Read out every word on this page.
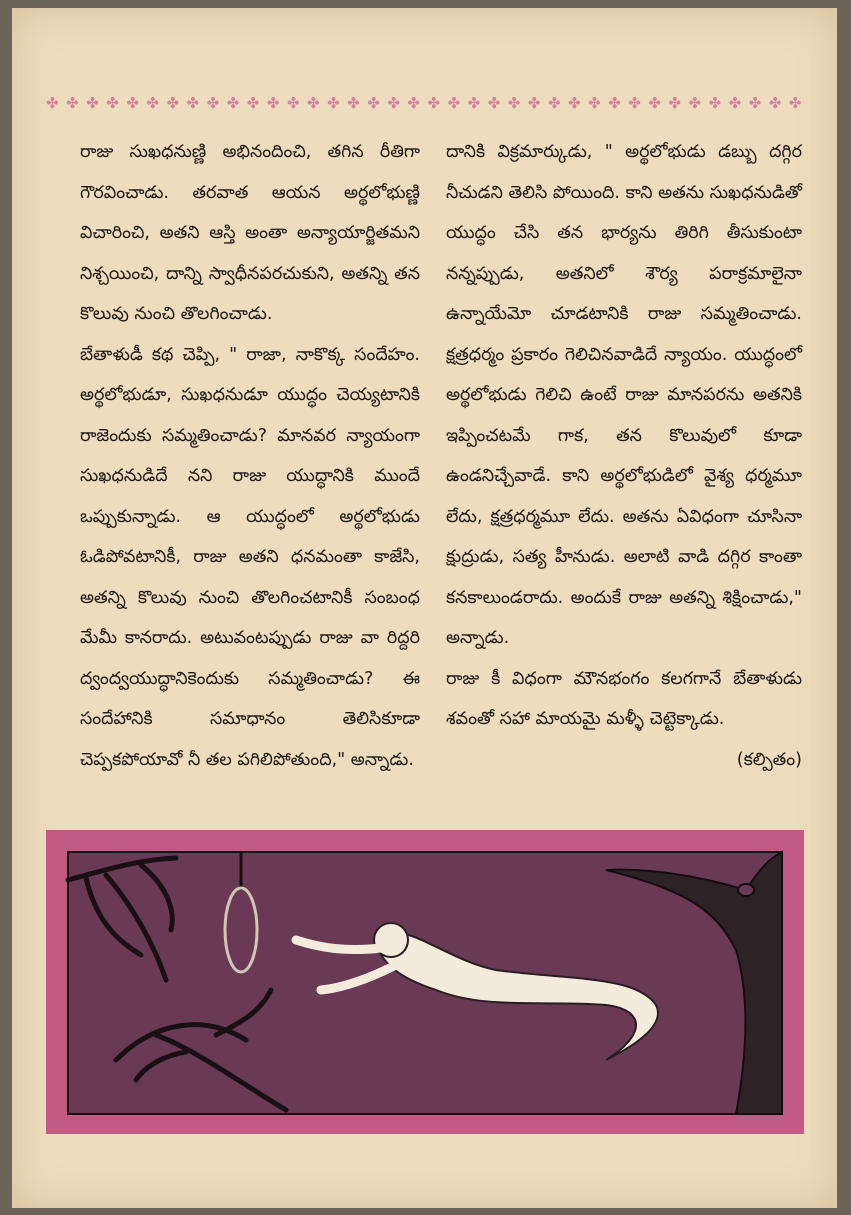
✤ ✤ ✤ ✤ ✤ ✤ ✤ ✤ ✤ ✤ ✤ ✤ ✤ ✤ ✤ ✤ ✤ ✤ ✤ ✤ ✤ ✤ ✤ ✤ ✤ ✤ ✤ ✤ ✤ ✤ ✤ ✤ ✤ ✤ ✤ ✤ ✤ ✤

రాజు సుఖధనుణ్ణి అభినందించి, తగిన రీతిగా గౌరవించాడు. తరవాత ఆయన అర్థలోభుణ్ణి విచారించి, అతని ఆస్తి అంతా అన్యాయార్జితమని నిశ్చయించి, దాన్ని స్వాధీనపరచుకుని, అతన్ని తన కొలువు నుంచి తొలగించాడు.

బేతాళుడీ కథ చెప్పి, " రాజా, నాకొక్క సందేహం. అర్థలోభుడూ, సుఖధనుడూ యుద్ధం చెయ్యటానికి రాజెందుకు సమ్మతించాడు? మానవర న్యాయంగా సుఖధనుడిదే నని రాజు యుద్ధానికి ముందే ఒప్పుకున్నాడు. ఆ యుద్ధంలో అర్థలోభుడు ఓడిపోవటానికీ, రాజు అతని ధనమంతా కాజేసి, అతన్ని కొలువు నుంచి తొలగించటానికీ సంబంధ మేమీ కానరాదు. అటువంటప్పుడు రాజు వా రిద్దరి ద్వంద్వయుద్ధానికెందుకు సమ్మతించాడు? ఈ సందేహానికి సమాధానం తెలిసికూడా చెప్పకపోయావో నీ తల పగిలిపోతుంది," అన్నాడు.

దానికి విక్రమార్కుడు, " అర్థలోభుడు డబ్బు దగ్గిర నీచుడని తెలిసి పోయింది. కాని అతను సుఖధనుడితో యుద్ధం చేసి తన భార్యను తిరిగి తీసుకుంటా నన్నప్పుడు, అతనిలో శౌర్య పరాక్రమాలైనా ఉన్నాయేమో చూడటానికి రాజు సమ్మతించాడు. క్షత్రధర్మం ప్రకారం గెలిచినవాడిదే న్యాయం. యుద్ధంలో అర్థలోభుడు గెలిచి ఉంటే రాజు మానపరను అతనికి ఇప్పించటమే గాక, తన కొలువులో కూడా ఉండనిచ్చేవాడే. కాని అర్థలోభుడిలో వైశ్య ధర్మమూ లేదు, క్షత్రధర్మమూ లేదు. అతను ఏవిధంగా చూసినా క్షుద్రుడు, సత్య హీనుడు. అలాటి వాడి దగ్గిర కాంతా కనకాలుండరాదు. అందుకే రాజు అతన్ని శిక్షించాడు," అన్నాడు.

రాజు కీ విధంగా మౌనభంగం కలగగానే బేతాళుడు శవంతో సహా మాయమై మళ్ళీ చెట్టెక్కాడు.

(కల్పితం)
